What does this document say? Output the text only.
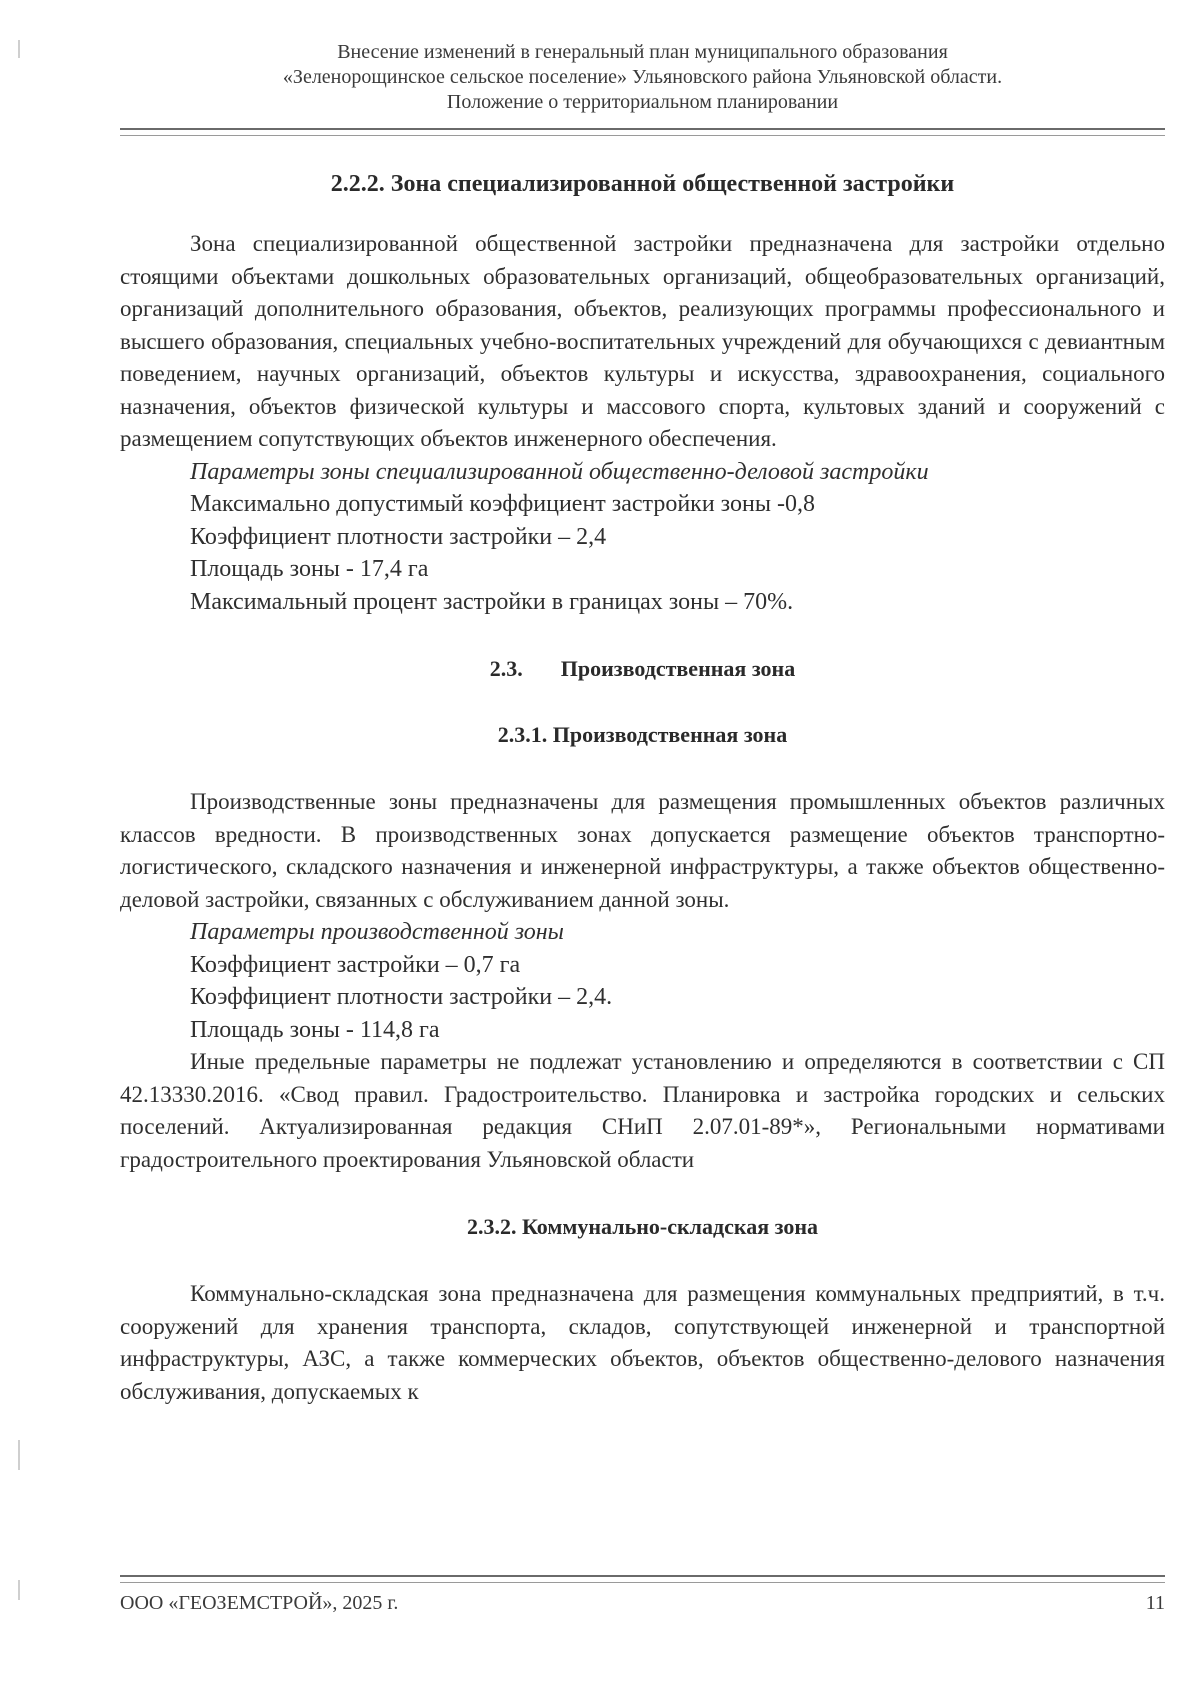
Внесение изменений в генеральный план муниципального образования
«Зеленорощинское сельское поселение» Ульяновского района Ульяновской области.
Положение о территориальном планировании
2.2.2. Зона специализированной общественной застройки

Зона специализированной общественной застройки предназначена для застройки отдельно стоящими объектами дошкольных образовательных организаций, общеобразовательных организаций, организаций дополнительного образования, объектов, реализующих программы профессионального и высшего образования, специальных учебно-воспитательных учреждений для обучающихся с девиантным поведением, научных организаций, объектов культуры и искусства, здравоохранения, социального назначения, объектов физической культуры и массового спорта, культовых зданий и сооружений с размещением сопутствующих объектов инженерного обеспечения.

Параметры зоны специализированной общественно-деловой застройки
Максимально допустимый коэффициент застройки зоны -0,8
Коэффициент плотности застройки – 2,4
Площадь зоны - 17,4 га
Максимальный процент застройки в границах зоны – 70%.
2.3. Производственная зона
2.3.1. Производственная зона

Производственные зоны предназначены для размещения промышленных объектов различных классов вредности. В производственных зонах допускается размещение объектов транспортно-логистического, складского назначения и инженерной инфраструктуры, а также объектов общественно-деловой застройки, связанных с обслуживанием данной зоны.

Параметры производственной зоны
Коэффициент застройки – 0,7 га
Коэффициент плотности застройки – 2,4.
Площадь зоны - 114,8 га

Иные предельные параметры не подлежат установлению и определяются в соответствии с СП 42.13330.2016. «Свод правил. Градостроительство. Планировка и застройка городских и сельских поселений. Актуализированная редакция СНиП 2.07.01-89*», Региональными нормативами градостроительного проектирования Ульяновской области

2.3.2. Коммунально-складская зона

Коммунально-складская зона предназначена для размещения коммунальных предприятий, в т.ч. сооружений для хранения транспорта, складов, сопутствующей инженерной и транспортной инфраструктуры, АЗС, а также коммерческих объектов, объектов общественно-делового назначения обслуживания, допускаемых к

ООО «ГЕОЗЕМСТРОЙ», 2025 г.	11
